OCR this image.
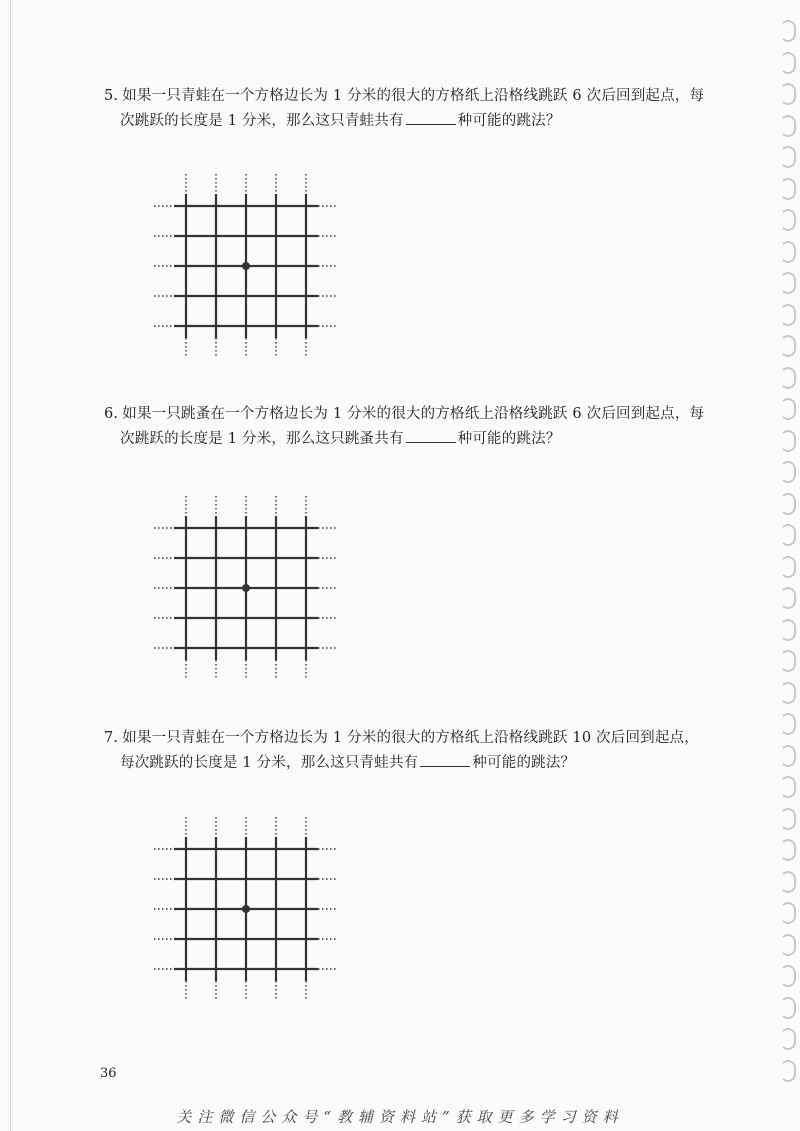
5. 如果一只青蛙在一个方格边长为 1 分米的很大的方格纸上沿格线跳跃 6 次后回到起点，每
次跳跃的长度是 1 分米，那么这只青蛙共有	种可能的跳法？
6. 如果一只跳蚤在一个方格边长为 1 分米的很大的方格纸上沿格线跳跃 6 次后回到起点，每
次跳跃的长度是 1 分米，那么这只跳蚤共有	种可能的跳法？
7. 如果一只青蛙在一个方格边长为 1 分米的很大的方格纸上沿格线跳跃 10 次后回到起点，
每次跳跃的长度是 1 分米，那么这只青蛙共有	种可能的跳法？
36
关注微信公众号“教辅资料站”获取更多学习资料
